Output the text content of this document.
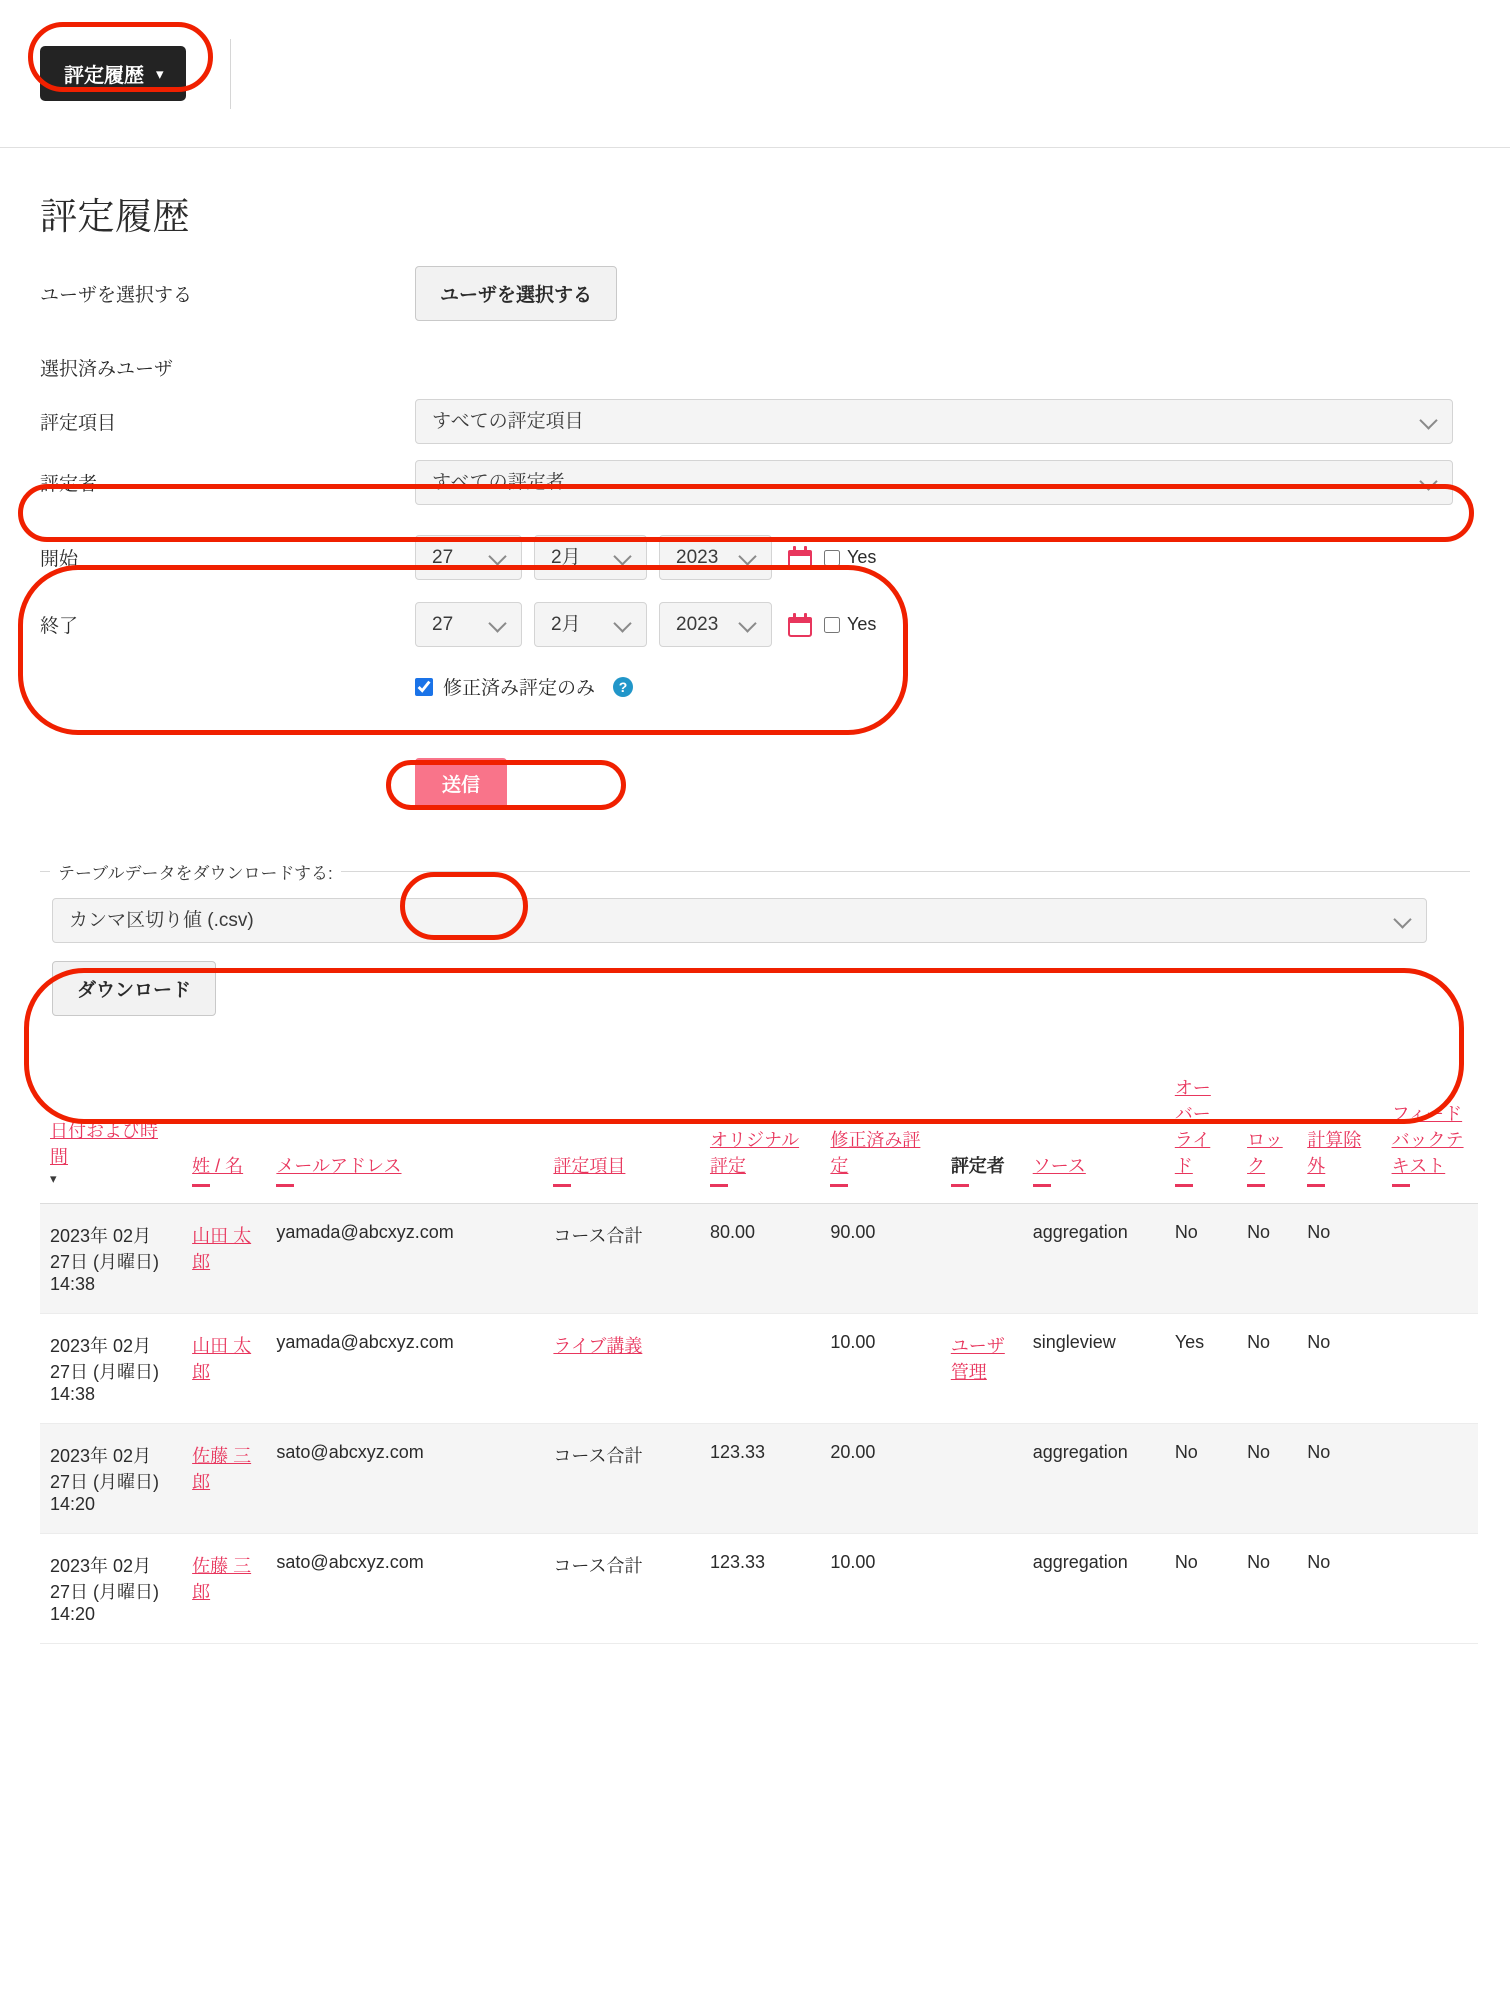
評定履歴 ▾
評定履歴
ユーザを選択する	ユーザを選択する
選択済みユーザ
評定項目
すべての評定項目
評定者
すべての評定者
開始
27
2月
2023	Yes
終了
27
2月
2023	Yes
修正済み評定のみ	?
送信
テーブルデータをダウンロードする:
カンマ区切り値 (.csv)
ダウンロード
日付および時間
▾	姓 / 名	メールアドレス	評定項目	オリジナル評定	修正済み評定	評定者	ソース	オーバーライド	ロック	計算除外	フィードバックテキスト

2023年 02月 27日 (月曜日) 14:38	山田 太郎	yamada@abcxyz.com	コース合計	80.00	90.00		aggregation	No	No	No	
2023年 02月 27日 (月曜日) 14:38	山田 太郎	yamada@abcxyz.com	ライブ講義		10.00	ユーザ管理	singleview	Yes	No	No	
2023年 02月 27日 (月曜日) 14:20	佐藤 三郎	sato@abcxyz.com	コース合計	123.33	20.00		aggregation	No	No	No	
2023年 02月 27日 (月曜日) 14:20	佐藤 三郎	sato@abcxyz.com	コース合計	123.33	10.00		aggregation	No	No	No	
